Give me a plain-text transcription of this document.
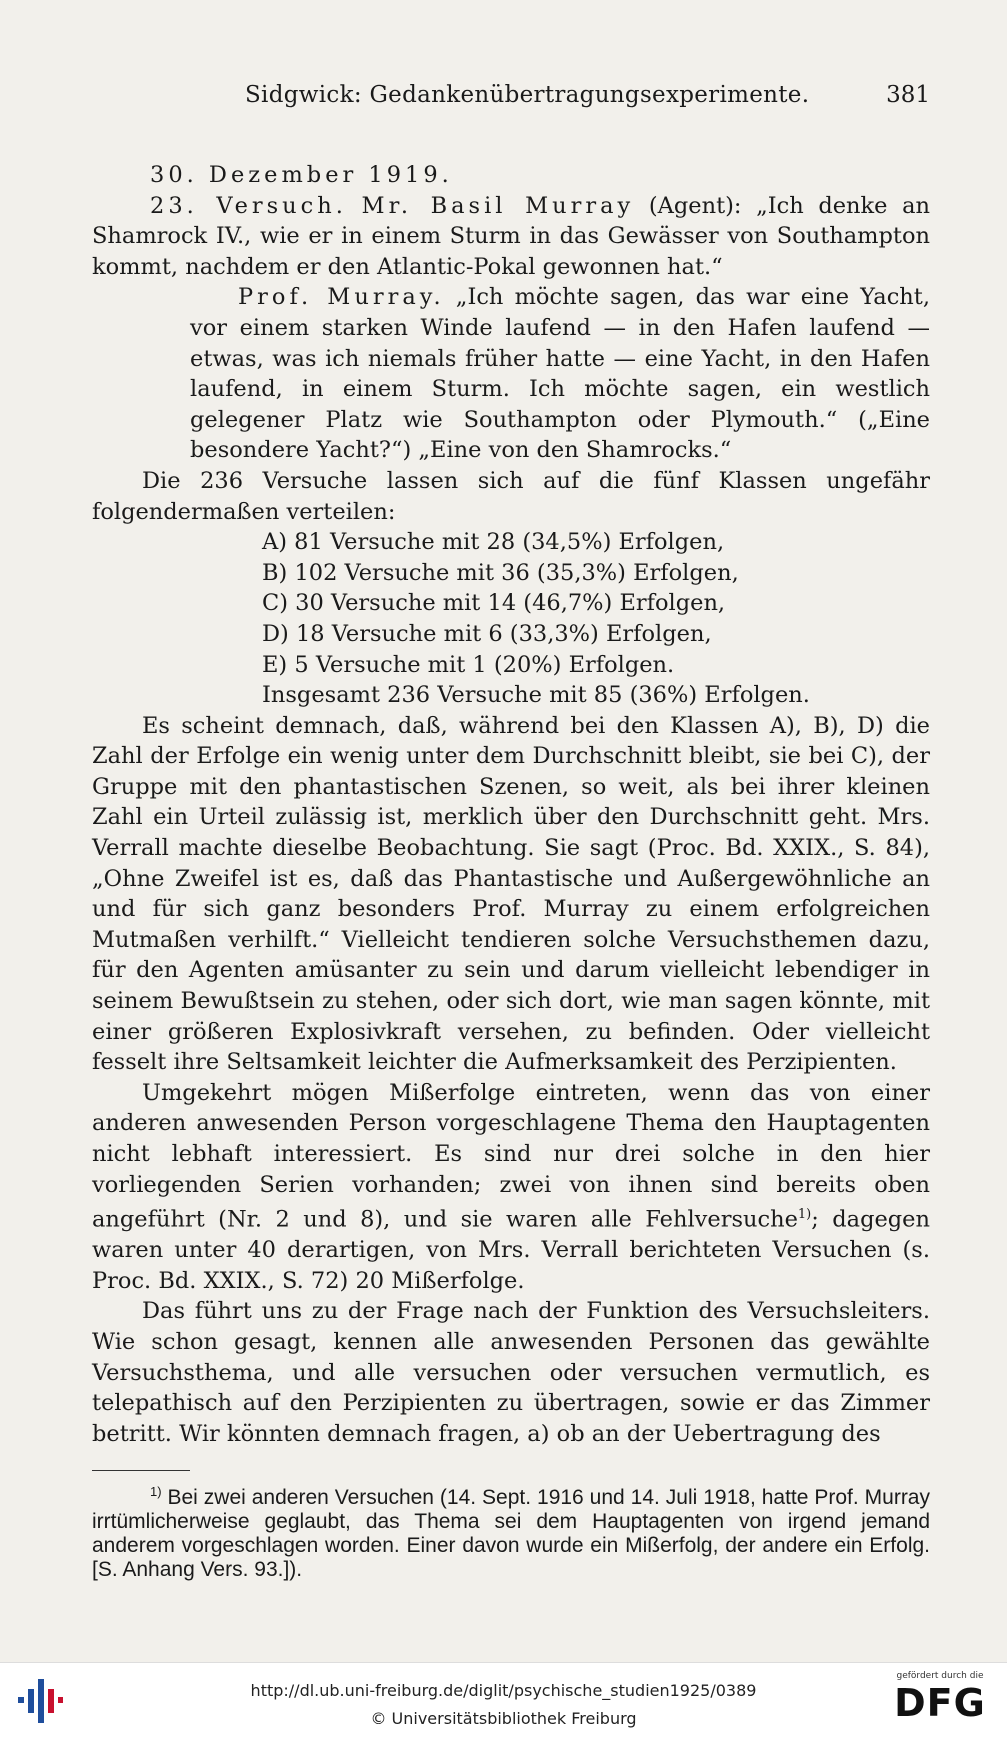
Sidgwick: Gedankenübertragungsexperimente.	381

30. Dezember 1919.

23. Versuch. Mr. Basil Murray (Agent): „Ich denke an Shamrock IV., wie er in einem Sturm in das Gewässer von Southampton kommt, nachdem er den Atlantic-Pokal gewonnen hat.“

Prof. Murray. „Ich möchte sagen, das war eine Yacht, vor einem starken Winde laufend — in den Hafen laufend — etwas, was ich niemals früher hatte — eine Yacht, in den Hafen laufend, in einem Sturm. Ich möchte sagen, ein westlich gelegener Platz wie Southampton oder Plymouth.“ („Eine besondere Yacht?“) „Eine von den Shamrocks.“

Die 236 Versuche lassen sich auf die fünf Klassen ungefähr folgendermaßen verteilen:

A) 81 Versuche mit 28 (34,5%) Erfolgen,
B) 102 Versuche mit 36 (35,3%) Erfolgen,
C) 30 Versuche mit 14 (46,7%) Erfolgen,
D) 18 Versuche mit 6 (33,3%) Erfolgen,
E) 5 Versuche mit 1 (20%) Erfolgen.
Insgesamt 236 Versuche mit 85 (36%) Erfolgen.

Es scheint demnach, daß, während bei den Klassen A), B), D) die Zahl der Erfolge ein wenig unter dem Durchschnitt bleibt, sie bei C), der Gruppe mit den phantastischen Szenen, so weit, als bei ihrer kleinen Zahl ein Urteil zulässig ist, merklich über den Durchschnitt geht. Mrs. Verrall machte dieselbe Beobachtung. Sie sagt (Proc. Bd. XXIX., S. 84), „Ohne Zweifel ist es, daß das Phantastische und Außergewöhnliche an und für sich ganz besonders Prof. Murray zu einem erfolgreichen Mutmaßen verhilft.“ Vielleicht tendieren solche Versuchsthemen dazu, für den Agenten amüsanter zu sein und darum vielleicht lebendiger in seinem Bewußtsein zu stehen, oder sich dort, wie man sagen könnte, mit einer größeren Explosivkraft versehen, zu befinden. Oder vielleicht fesselt ihre Seltsamkeit leichter die Aufmerksamkeit des Perzipienten.

Umgekehrt mögen Mißerfolge eintreten, wenn das von einer anderen anwesenden Person vorgeschlagene Thema den Hauptagenten nicht lebhaft interessiert. Es sind nur drei solche in den hier vorliegenden Serien vorhanden; zwei von ihnen sind bereits oben angeführt (Nr. 2 und 8), und sie waren alle Fehlversuche$^{1)}$; dagegen waren unter 40 derartigen, von Mrs. Verrall berichteten Versuchen (s. Proc. Bd. XXIX., S. 72) 20 Mißerfolge.

Das führt uns zu der Frage nach der Funktion des Versuchsleiters. Wie schon gesagt, kennen alle anwesenden Personen das gewählte Versuchsthema, und alle versuchen oder versuchen vermutlich, es telepathisch auf den Perzipienten zu übertragen, sowie er das Zimmer betritt. Wir könnten demnach fragen, a) ob an der Uebertragung des

$^{1)}$ Bei zwei anderen Versuchen (14. Sept. 1916 und 14. Juli 1918, hatte Prof. Murray irrtümlicherweise geglaubt, das Thema sei dem Hauptagenten von irgend jemand anderem vorgeschlagen worden. Einer davon wurde ein Mißerfolg, der andere ein Erfolg. [S. Anhang Vers. 93.]).

http://dl.ub.uni-freiburg.de/diglit/psychische_studien1925/0389
© Universitätsbibliothek Freiburg
gefördert durch die
DFG
